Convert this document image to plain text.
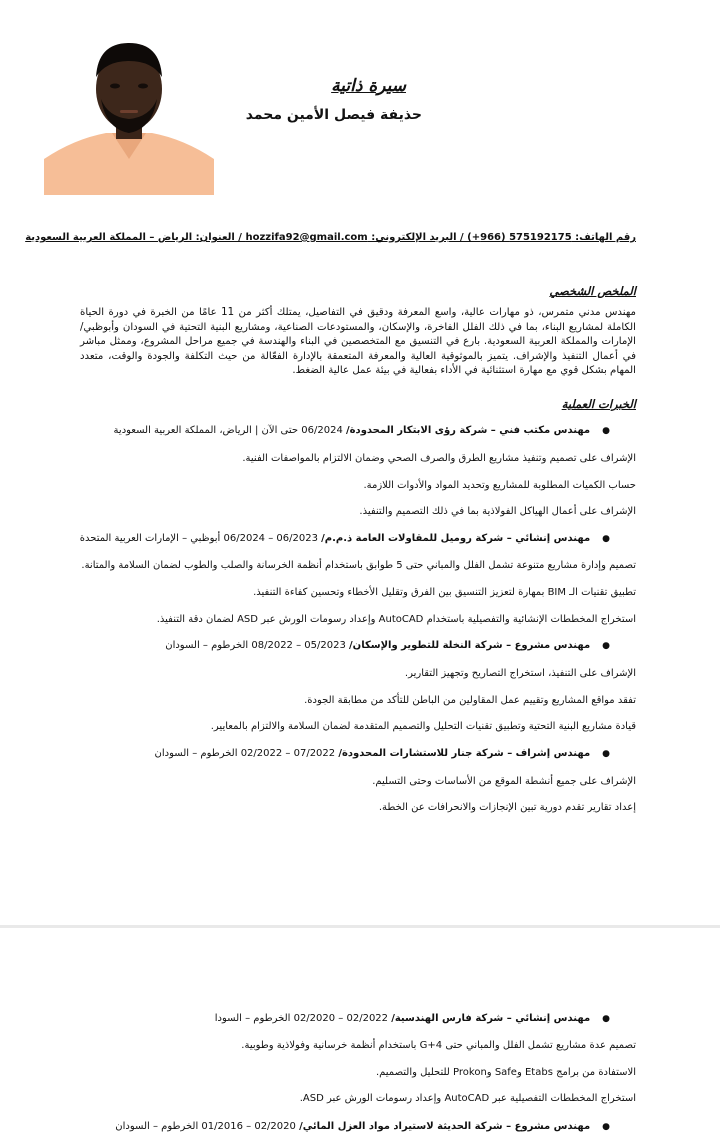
سيرة ذاتية
حذيفة فيصل الأمين محمد
رقم الهاتف: 575192175 (966+) / البريد الإلكتروني: hozzifa92@gmail.com / العنوان: الرياض – المملكة العربية السعودية
الملخص الشخصي
مهندس مدني متمرس، ذو مهارات عالية، واسع المعرفة ودقيق في التفاصيل، يمتلك أكثر من 11 عامًا من الخبرة في دورة الحياة الكاملة لمشاريع البناء، بما في ذلك الفلل الفاخرة، والإسكان، والمستودعات الصناعية، ومشاريع البنية التحتية في السودان وأبوظبي/الإمارات والمملكة العربية السعودية. بارع في التنسيق مع المتخصصين في البناء والهندسة في جميع مراحل المشروع، وممثل مباشر في أعمال التنفيذ والإشراف. يتميز بالموثوقية العالية والمعرفة المتعمقة بالإدارة الفعّالة من حيث التكلفة والجودة والوقت، متعدد المهام بشكل قوي مع مهارة استثنائية في الأداء بفعالية في بيئة عمل عالية الضغط.
الخبرات العملية
●مهندس مكتب فني – شركة رؤى الابتكار المحدودة/ 06/2024 حتى الآن | الرياض، المملكة العربية السعودية
الإشراف على تصميم وتنفيذ مشاريع الطرق والصرف الصحي وضمان الالتزام بالمواصفات الفنية.
حساب الكميات المطلوبة للمشاريع وتحديد المواد والأدوات اللازمة.
الإشراف على أعمال الهياكل الفولاذية بما في ذلك التصميم والتنفيذ.
●مهندس إنشائي – شركة روميل للمقاولات العامة ذ.م.م/ 06/2023 – 06/2024 أبوظبي – الإمارات العربية المتحدة
تصميم وإدارة مشاريع متنوعة تشمل الفلل والمباني حتى 5 طوابق باستخدام أنظمة الخرسانة والصلب والطوب لضمان السلامة والمتانة.
تطبيق تقنيات الـ BIM بمهارة لتعزيز التنسيق بين الفرق وتقليل الأخطاء وتحسين كفاءة التنفيذ.
استخراج المخططات الإنشائية والتفصيلية باستخدام AutoCAD وإعداد رسومات الورش عبر ASD لضمان دقة التنفيذ.
●مهندس مشروع – شركة النخلة للتطوير والإسكان/ 05/2023 – 08/2022 الخرطوم – السودان
الإشراف على التنفيذ، استخراج التصاريح وتجهيز التقارير.
تفقد مواقع المشاريع وتقييم عمل المقاولين من الباطن للتأكد من مطابقة الجودة.
قيادة مشاريع البنية التحتية وتطبيق تقنيات التحليل والتصميم المتقدمة لضمان السلامة والالتزام بالمعايير.
●مهندس إشراف – شركة جنار للاستشارات المحدودة/ 07/2022 – 02/2022 الخرطوم – السودان
الإشراف على جميع أنشطة الموقع من الأساسات وحتى التسليم.
إعداد تقارير تقدم دورية تبين الإنجازات والانحرافات عن الخطة.
●مهندس إنشائي – شركة فارس الهندسية/ 02/2022 – 02/2020 الخرطوم – السودا
تصميم عدة مشاريع تشمل الفلل والمباني حتى G+4 باستخدام أنظمة خرسانية وفولاذية وطوبية.
الاستفادة من برامج Etabs وSafe وProkon للتحليل والتصميم.
استخراج المخططات التفصيلية عبر AutoCAD وإعداد رسومات الورش عبر ASD.
●مهندس مشروع – شركة الحديثة لاستيراد مواد العزل المائي/ 02/2020 – 01/2016 الخرطوم – السودان
